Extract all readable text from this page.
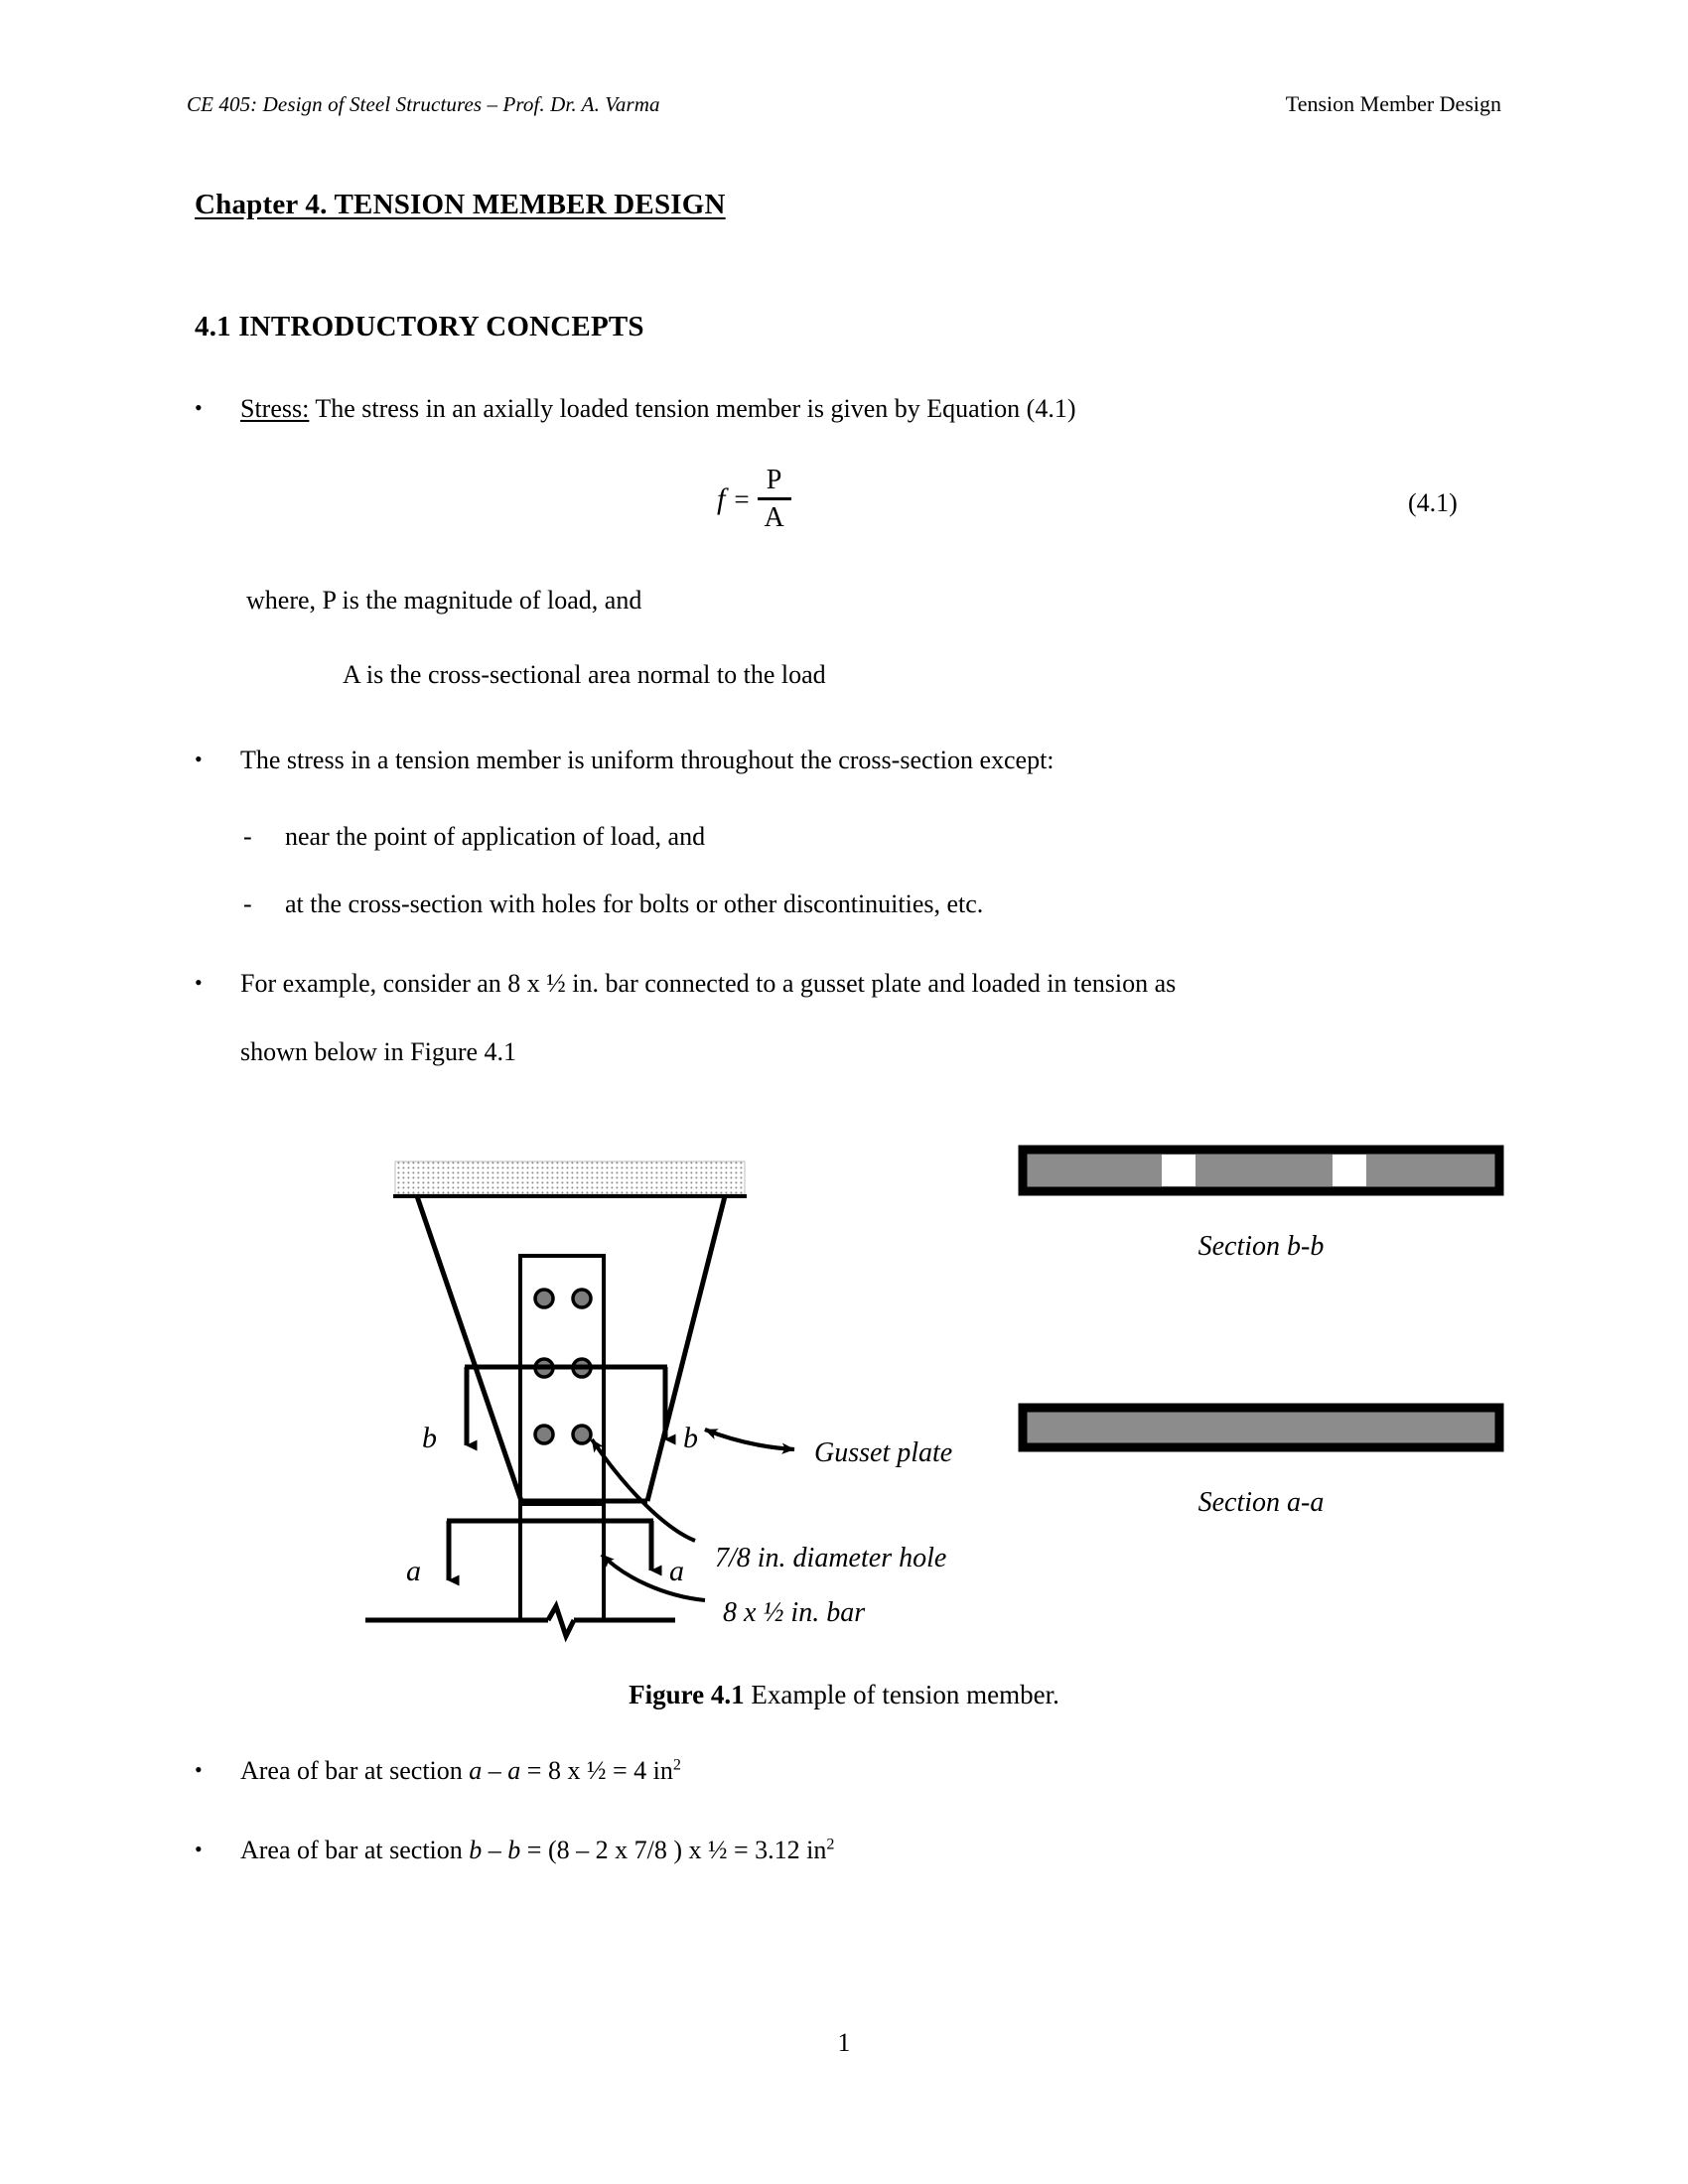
CE 405: Design of Steel Structures – Prof. Dr. A. Varma	Tension Member Design
Chapter 4. TENSION MEMBER DESIGN
4.1 INTRODUCTORY CONCEPTS
•	Stress: The stress in an axially loaded tension member is given by Equation (4.1)
$f = \frac{P}{A}$	(4.1)
where, P is the magnitude of load, and
A is the cross-sectional area normal to the load
•	The stress in a tension member is uniform throughout the cross-section except:
-	near the point of application of load, and
-	at the cross-section with holes for bolts or other discontinuities, etc.
•	For example, consider an 8 x ½ in. bar connected to a gusset plate and loaded in tension as
shown below in Figure 4.1
Gusset plate
7/8 in. diameter hole
8 x ½ in. bar
b	b
a	a
Section b-b
Section a-a
Figure 4.1 Example of tension member.
•	Area of bar at section a – a = 8 x ½ = 4 $in^2$
•	Area of bar at section b – b = (8 – 2 x 7/8 ) x ½ = 3.12 $in^2$
1
